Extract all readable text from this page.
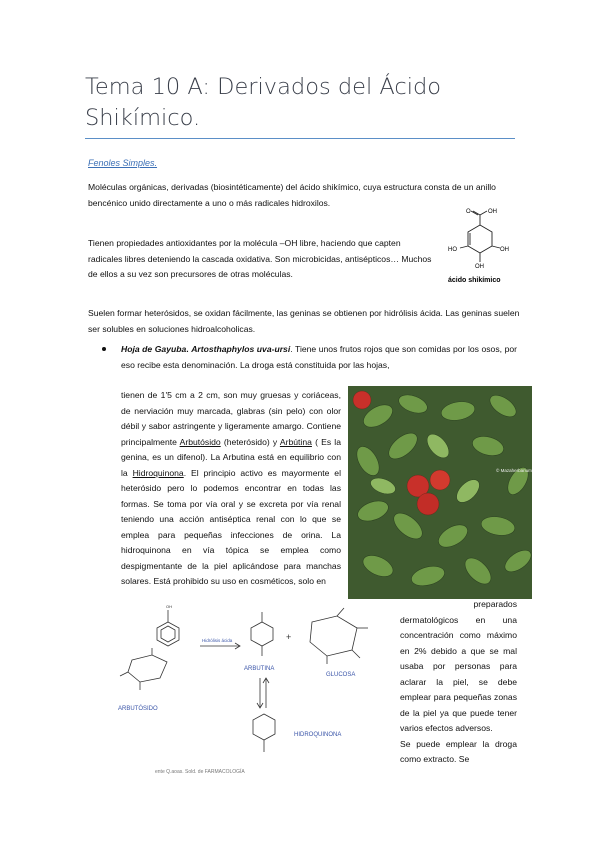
Tema 10 A: Derivados del Ácido Shikímico.
Fenoles Simples.
Moléculas orgánicas, derivadas (biosintéticamente) del ácido shikímico, cuya estructura consta de un anillo bencénico unido directamente a uno o más radicales hidroxilos.
Tienen propiedades antioxidantes por la molécula –OH libre, haciendo que capten radicales libres deteniendo la cascada oxidativa. Son microbicidas, antisépticos… Muchos de ellos a su vez son precursores de otras moléculas.
Suelen formar heterósidos, se oxidan fácilmente, las geninas se obtienen por hidrólisis ácida. Las geninas suelen ser solubles en soluciones hidroalcoholicas.
O	OH
HO	OH
OH
ácido shikímico
Hoja de Gayuba. Artosthaphylos uva-ursi. Tiene unos frutos rojos que son comidas por los osos, por eso recibe esta denominación. La droga está constituida por las hojas,
tienen de 1'5 cm a 2 cm, son muy gruesas y coriáceas, de nerviación muy marcada, glabras (sin pelo) con olor débil y sabor astringente y ligeramente amargo. Contiene principalmente Arbutósido (heterósido) y Arbútina ( Es la genina, es un difenol). La Arbutina está en equilibrio con la Hidroquinona. El principio activo es mayormente el heterósido pero lo podemos encontrar en todas las formas. Se toma por vía oral y se excreta por vía renal teniendo una acción antiséptica renal con lo que se emplea para pequeñas infecciones de orina. La hidroquinona en vía tópica se emplea como despigmentante de la piel aplicándose para manchas solares. Está prohibido su uso en cosméticos, solo en
© Mazaherbarium
preparados
dermatológicos en una concentración como máximo en 2% debido a que se mal usaba por personas para aclarar la piel, se debe emplear para pequeñas zonas de la piel ya que puede tener varios efectos adversos.
Se puede emplear la droga como extracto. Se
OH
Hidrólisis ácida	+
ARBUTÓSIDO
ARBUTINA
GLUCOSA
HIDROQUINONA
ente Q.aoas. Sold. de FARMACOLOGÍA
